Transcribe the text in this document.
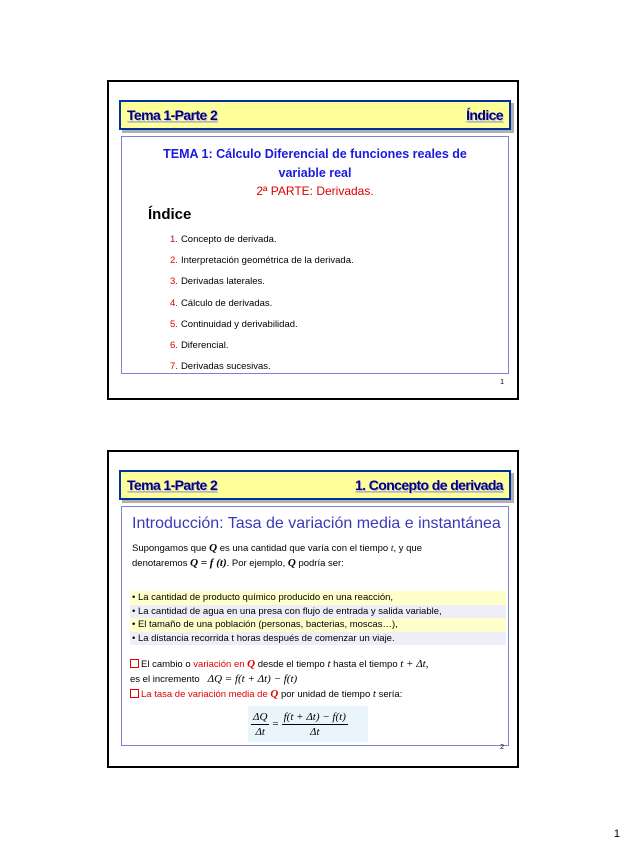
Tema 1-Parte 2	Índice
TEMA 1: Cálculo Diferencial de funciones reales de
variable real
2ª PARTE: Derivadas.
Índice
1. Concepto de derivada.
2. Interpretación geométrica de la derivada.
3. Derivadas laterales.
4. Cálculo de derivadas.
5. Continuidad y derivabilidad.
6. Diferencial.
7. Derivadas sucesivas.
1
Tema 1-Parte 2	1. Concepto de derivada
Introducción: Tasa de variación media e instantánea
Supongamos que Q es una cantidad que varía con el tiempo t, y que
denotaremos Q = f (t). Por ejemplo, Q podría ser:
• La cantidad de producto químico producido en una reacción,
• La cantidad de agua en una presa con flujo de entrada y salida variable,
• El tamaño de una población (personas, bacterias, moscas…),
• La distancia recorrida t horas después de comenzar un viaje.
El cambio o variación en Q desde el tiempo t hasta el tiempo t + Δt,
es el incremento ΔQ = f(t + Δt) − f(t)
La tasa de variación media de Q por unidad de tiempo t sería:
$\frac{\Delta Q}{\Delta t} = \frac{f(t + \Delta t) - f(t)}{\Delta t}$
2
1
